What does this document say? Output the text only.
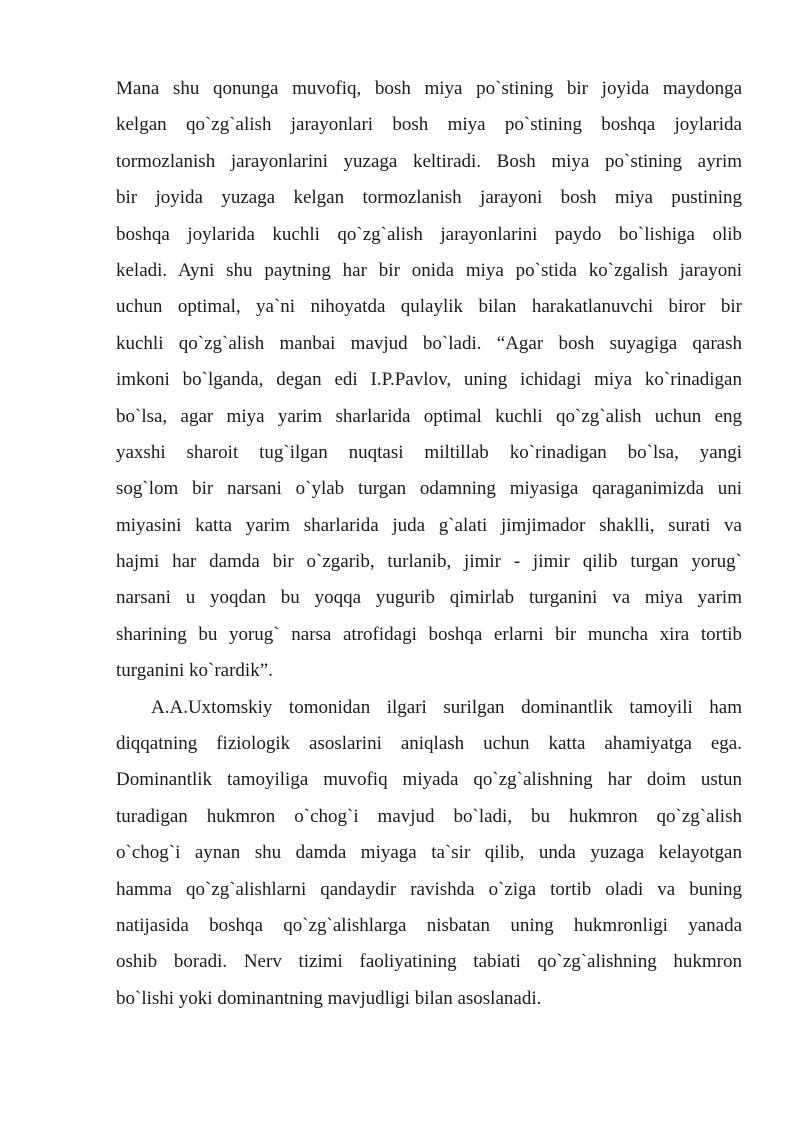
Mana shu qonunga muvofiq, bosh miya po`stining bir joyida maydonga
kelgan qo`zg`alish jarayonlari bosh miya po`stining boshqa joylarida
tormozlanish jarayonlarini yuzaga keltiradi. Bosh miya po`stining ayrim
bir joyida yuzaga kelgan tormozlanish jarayoni bosh miya pustining
boshqa joylarida kuchli qo`zg`alish jarayonlarini paydo bo`lishiga olib
keladi. Ayni shu paytning har bir onida miya po`stida ko`zgalish jarayoni
uchun optimal, ya`ni nihoyatda qulaylik bilan harakatlanuvchi biror bir
kuchli qo`zg`alish manbai mavjud bo`ladi. “Agar bosh suyagiga qarash
imkoni bo`lganda, degan edi I.P.Pavlov, uning ichidagi miya ko`rinadigan
bo`lsa, agar miya yarim sharlarida optimal kuchli qo`zg`alish uchun eng
yaxshi sharoit tug`ilgan nuqtasi miltillab ko`rinadigan bo`lsa, yangi
sog`lom bir narsani o`ylab turgan odamning miyasiga qaraganimizda uni
miyasini katta yarim sharlarida juda g`alati jimjimador shaklli, surati va
hajmi har damda bir o`zgarib, turlanib, jimir - jimir qilib turgan yorug`
narsani u yoqdan bu yoqqa yugurib qimirlab turganini va miya yarim
sharining bu yorug` narsa atrofidagi boshqa erlarni bir muncha xira tortib
turganini ko`rardik”.
A.A.Uxtomskiy tomonidan ilgari surilgan dominantlik tamoyili ham
diqqatning fiziologik asoslarini aniqlash uchun katta ahamiyatga ega.
Dominantlik tamoyiliga muvofiq miyada qo`zg`alishning har doim ustun
turadigan hukmron o`chog`i mavjud bo`ladi, bu hukmron qo`zg`alish
o`chog`i aynan shu damda miyaga ta`sir qilib, unda yuzaga kelayotgan
hamma qo`zg`alishlarni qandaydir ravishda o`ziga tortib oladi va buning
natijasida boshqa qo`zg`alishlarga nisbatan uning hukmronligi yanada
oshib boradi. Nerv tizimi faoliyatining tabiati qo`zg`alishning hukmron
bo`lishi yoki dominantning mavjudligi bilan asoslanadi.
